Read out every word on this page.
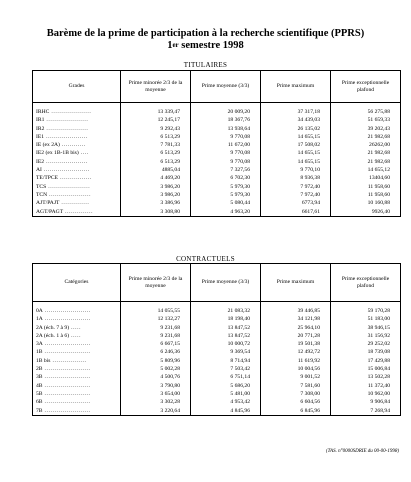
Barème de la prime de participation à la recherche scientifique (PPRS)
1er semestre 1998
TITULAIRES
Grades	Prime minorée 2/3 de la moyenne	Prime moyenne (3/3)	Prime maximum	Prime exceptionnelle plafond

IRHC ....................	13 339,47	20 009,20	37 317,18	56 275,88
IR1 .....................	12 245,17	18 367,76	34 439,03	51 659,33
IR2 .....................	9 292,43	13 938,64	26 135,02	39 202,43
IE1 .....................	6 513,29	9 770,08	14 655,15	21 982,68
IE (ex 2A) ............	7 781,33	11 672,00	17 508,02	26262,00
IE2 (ex 1B-1B bis) ....	6 513,29	9 770,08	14 655,15	21 982,68
IE2 .....................	6 513,29	9 770,08	14 655,15	21 982,68
AI .......................	4885,04	7 327,56	9 770,10	14 655,12
TE/TPCE ................	4 469,20	6 702,30	8 936,38	13404,60
TCS .....................	3 986,20	5 979,30	7 972,40	11 958,60
TCN .....................	3 986,20	5 979,30	7 972,40	11 958,60
AJT/PAJT ..............	3 386,96	5 080,44	6773,94	10 160,88
AGT/PAGT ..............	3 308,80	4 963,20	6617,61	9926,40
CONTRACTUELS
Catégories	Prime minorée 2/3 de la moyenne	Prime moyenne (3/3)	Prime maximum	Prime exceptionnelle plafond

0A .......................	14 055,55	21 083,32	39 446,85	59 170,28
1A .......................	12 132,27	18 198,40	34 121,98	51 183,00
2A (éch. 7 à 9) .....	9 231,68	13 847,52	25 964,10	38 946,15
2A (éch. 1 à 6) .....	9 231,68	13 847,52	20 771,28	31 156,92
3A .......................	6 667,15	10 000,72	19 501,38	29 252,02
1B .......................	6 246,36	9 369,54	12 492,72	18 739,08
1B bis .................	5 809,96	8 714,94	11 619,92	17 429,88
2B .......................	5 002,28	7 503,42	10 004,56	15 006,84
3B .......................	4 500,76	6 751,14	9 001,52	13 502,28
4B .......................	3 790,80	5 686,20	7 581,60	11 372,40
5B .......................	3 654,00	5 481,00	7 308,00	10 962,00
6B .......................	3 302,28	4 953,42	6 604,56	9 906,84
7B .......................	3 220,64	4 845,96	6 845,96	7 268,94
(TAS. n°0000SDRIE du 00-00-1998)
